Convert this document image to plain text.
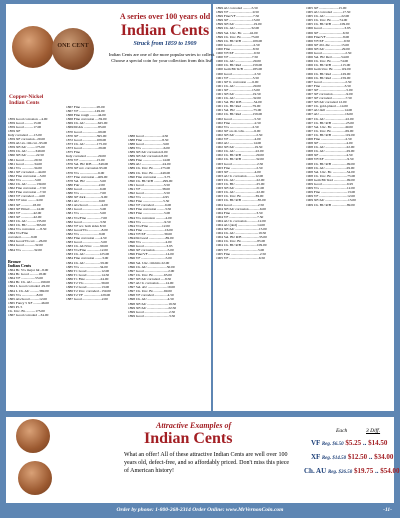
ONE CENT
A series over 100 years old
Indian Cents
Struck from 1859 to 1909
Indian Cents are one of the more popular series to collect. Choose a special coin for your collection from this list!
Copper-Nickel
Indian Cents
1859 Good corrosion ...4.00
1859 Good ..........15.00
1859 Good ..........17.00
1859 XF
Indy corroded ......15.00
1859 XF corrosion ..20.00
1859 AU ex. rim cut ..95.00
1859 XF/AU .........175.00
1859 Ch. AU .........349.00
1860 XF/AU ..........22.50
1861 Good ...........29.50
1861 Good ...........34.00
1861 VG ..............34.00
1861 XF corroded ....44.00
1862 Fine corrosion ...5.00
1862 VG ...............5.00
1862 Ch. AU ..........139.00
1862 Fine corrosion ...7.50
1863 Fine corrosion ...7.50
1863 VF corroded .....4.00
1863 VF nice ..........9.00
1863 XF .............18.00
1863 XF Pitted .......14.00
1863 VF ..............42.00
1863 XF ..............42.00
1863 Ch. AU ..........135.00
1863 Ch. BU ..........365.00
1864 VG corrosion .....8.50
1864 VG/Fine
corroded ...........9.00
1864 Good/VG scr. ...26.00
1864 Good ............32.00
1864 VG ..............32.00
Bronze
Indian Cents
1864 Br. VG major hit ..8.00
1864 Br. Good ..........18.00
1864 VF ................55.00
1864 Br. Ch. AU .........199.00
1864 L Good corroded .29.00
1864 L Ch. AU ..........369.00
1865 VG .................8.00
1865 AG/Good ..........12.00
1865 Fancy 5 XF .........46.00
1865 Pl. 5
Ch. Unc. Br. ..........175.00
1867 Good corroded ...34.00
1867 Fine ..................95.00
1867 VF ..................149.00
1868 Fine rough .........44.00
1868 Fine corrosion ....59.00
1869 Ch. AU ..............625.00
1869/69 AG ................85.00
1870 Good ..................69.00
1870 XF ....................395.00
1872 Good ................109.00
1873 Ch. AU .............175.00
1873 Good ..................29.00
1875 Fine
Indy corroded .............29.00
1876 VF ....................15.00
1876 Sel. BU R/B .......349.00
1876 XF rev. corrosion 95.00
1876 VG .....................6.00
1877 Fine corrosion ...409.00
1878 Sel. BU ................5.00
1880 Fair .....................2.00
1880 Good ....................6.00
1880 VG .......................7.00
1880 XF dark .................9.00
1881 AU ......................9.00
1881 AG/Good ...............4.00
1881 Good ....................5.00
1881 VG .......................5.00
1881 VG/Fine ................7.00
1882 Good ....................3.50
1882 VF scr. both sides 8.50
1882 Good/VG ...............8.00
1882 VG ......................9.00
1882 Fine corrosion ......4.50
1883 Good .....................5.00
1883 Ch. AU/Unc. ........99.00
1883 VG/Fine ...............12.00
1883 Ch. AU ................125.00
1884 Fine corrosion ........3.00
1884 Ch. AU .................59.00
1885 VG .......................34.00
1886 T1 Good ................12.00
1886 T1 Good ................14.50
1886 T1 Fine .................24.00
1886 T2 VG ...................39.00
1886 T2 Good ................13.00
1886 T2 Unc. corroded ..159.00
1886 T2 VF ...................129.00
1887 Good ......................2.00
1888 Good ....................4.50
1888 Fine ......................8.50
1888 Good .....................3.00
1889 VG .........................6.00
1889 XF/AU corrosion 6.00
1889 XF/AU corrosion 8.00
1889 Fine ......................14.00
1889 AU ........................24.00
1889 Ch. Unc. Br. .......175.00
1889 Ch. Unc. Br. .......249.00
1890 Fine corrosion ........3.75
1890 Ch. BU R/B ..........299.00
1891 Good ......................3.50
1891 VF ........................38.00
1892 Good ......................3.50
1892 VG ........................4.95
1892 Fine .......................5.50
1892 VF corroded ............6.00
1893 Fine corrosion .........3.50
1893 Fine ........................5.00
1894 VG corrosion ...........4.00
1894 VG ..........................9.50
1894 VG/Fine ...............12.00
1894 Fine .........................16.00
1894 VF/XF ....................39.00
1894/94 Good ...................89.00
1896 VG ...........................4.00
1896 Good .........................3.95
1896 XF corrosion ..............5.00
1896 Fine/VF ....................14.00
1896 VF ............................5.00
1896 Sel. Unc. rim hits 22.00
1896 Ch. AU ......................50.00
1897 Good ...........................2.00
1897 Ch. Unc. Br. ...........65.00
1897 XF/AU corroded .....8.50
1897 AU lt. corrosion .......14.00
1897 Sel. AU ......................19.00
1897 Ch. Unc. Br. ...........69.00
1898 VF corroded ...............4.50
1898 Ch. AU .......................4.50
1898 XF/AU ........................19.50
1899 XF/AU ........................22.50
1899 Good ............................2.50
1899 Good ............................3.50
1899 AU corroded ..........5.50
1899 VF ...........................9.50
1899 Fine/VF ...................7.50
1899 XF ..........................15.00
1899 XF/AU .....................19.00
1899 Ch. AU ..................32.00
1899 Sel. Unc. Br. ........42.00
1899 Ch. Unc. Br. ..........75.00
1899 Ch. BU R/B ............109.00
1900 Good ........................2.50
1900 Fine .........................8.50
1900 VF/XF ......................9.50
1900 VF ..........................7.50
1900 Ch. AU ....................29.00
1900 Ch. BU Red ............159.00
1900 Gem BU R/B ..........185.00
1900 Good .........................2.50
1901 VF ...........................5.50
1901 XF lt. corrosion ......6.00
1901 Ch. AU ....................29.00
1901 XF ..........................15.00
1901 XF/AU ....................19.50
1901 Ch. AU ....................32.00
1901 Sel. BU R/B .............54.00
1901 Ch. BU Red ............79.00
1901 Sel. BU ....................75.00
1902 Ch. BU Red ............159.00
1902 Good .........................5.50
1902 Fine ...........................2.50
1902 VG ..........................2.50
1902 XF on ob./obs. ..........6.00
1902 XF/AU ........................2.50
1902 VF .............................4.00
1902 AU ...........................14.00
1902 XF/AU ......................19.50
1902 Ch. AU .......................22.00
1902 Ch. BU R/B ................29.00
1902 Ch. BU R/B ................32.00
1903 Good ............................2.50
1903 Fine .............................2.50
1903 XF .............................4.00
1903 AU lt. corrosion .........12.00
1903 Ch. AU ........................22.00
1903 Ch. BU ........................25.00
1903 XF/AU ........................21.00
1903 Ch. AU ........................22.00
1903 Ch. Unc. Br. ...............39.00
1903 Ch. BU R/B ..................85.00
1904 Good .............................2.50
1904 XF/AU corrosion ............6.00
1904 Fine .............................3.50
1904 VF ................................7.50
1904 AU lt. corrosion ............12.00
1904 AU (ded) ......................14.00
1904 XF/AU ...........................15.00
1904 Ch. AU ..........................19.50
1904 Sel. BU R/B ...................35.00
1904 Ch. Unc. Br. .................85.00
1904 Ch. BU R/B .................109.00
1905 VF .................................5.00
1905 Fine .................................2.50
1905 VF ..................................6.50
1905 XF ......................15.00
1905 AU corroded ...........17.50
1905 Ch. AU ..................22.00
1905 Ch. Unc. Br. ........74.00
1905 Ch. BU R/B .........109.00
1906 Good .........................3.95
1906 XF ...........................6.50
1906 Fine/VF ...................8.00
1906 VF/XF ......................9.50
1906 XF dbl. die ............15.00
1906 XF/AU ...................29.00
1906 Good ..........................2.50
1906 Sel. BU Red ..........54.00
1906 Ch. Unc. Br. .........74.00
1906 Ch. BU R/B ..........115.00
1906 Gem Unc. Br. ........119.00
1906 Ch. BU Red ..........129.00
1906 Ch. BU Red ..........159.00
1907 Good ..........................2.50
1907 Fine ...........................3.50
1907 XF ...............................5.00
1907 XF corrosion ...............9.00
1907 XF corroded ...............7.50
1907 XF/AU corroded 12.00
1907 Ch. gold-plated ....14.00
1907 AU dull .....................14.00
1907 AU .............................16.00
1907 Ch. AU .......................22.00
1907 Ch. BU R/B ................25.00
1907 Sel. Unc. Br. ..............49.00
1907 Ch. Unc. Br. ...............69.00
1907 Ch. BU R/B ...............119.00
1908 Fine ............................2.50
1908 XF ...............................4.00
1908 Ch. AU ........................22.00
1908 Ch. AU ........................29.00
1908 XF ...............................4.50
1908 VF/XF ..........................9.50
1908 Ch. BU R/B .................99.00
1908 Ch. AU ........................29.00
1908 Sel. Unc. Br. ................54.00
1908 Ch. Unc. Br. .................75.00
1908 Gem BU Red ...............99.00
1909 Good ............................6.95
1909 VG ...............................12.00
1909 Fine ..............................13.00
1909 VF ................................12.00
1909 XF/AU ..........................13.00
1909 Ch. BU R/B .................89.00
Attractive Examples of
Indian Cents
What an offer! All of these attractive Indian Cents are well over 100 years old, defect-free, and so affordably priced. Don't miss this piece of American history!
Each	3 Diff.
VF Reg. $6.50 $5.25 .. $14.50
XF Reg. $14.50 $12.50 .. $34.00
Ch. AU Reg. $26.50 $19.75 .. $54.00
Order by phone: 1-800-268-2314 Order Online: www.MrVernonCoin.com	-11-
